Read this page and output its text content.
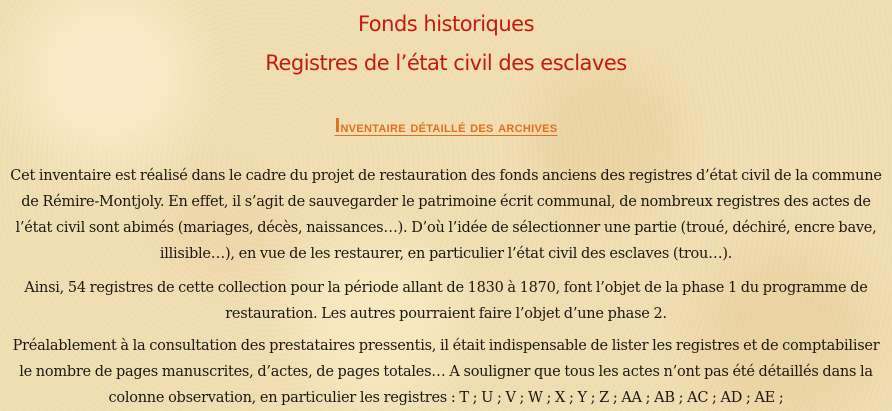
Fonds historiques
Registres de l’état civil des esclaves
Inventaire détaillé des archives
Cet inventaire est réalisé dans le cadre du projet de restauration des fonds anciens des registres d’état civil de la commune de Rémire-Montjoly. En effet, il s’agit de sauvegarder le patrimoine écrit communal, de nombreux registres des actes de l’état civil sont abimés (mariages, décès, naissances…). D’où l’idée de sélectionner une partie (troué, déchiré, encre bave, illisible…), en vue de les restaurer, en particulier l’état civil des esclaves (trou…).
Ainsi, 54 registres de cette collection pour la période allant de 1830 à 1870, font l’objet de la phase 1 du programme de restauration. Les autres pourraient faire l’objet d’une phase 2.
Préalablement à la consultation des prestataires pressentis, il était indispensable de lister les registres et de comptabiliser le nombre de pages manuscrites, d’actes, de pages totales… A souligner que tous les actes n’ont pas été détaillés dans la colonne observation, en particulier les registres : T ; U ; V ; W ; X ; Y ; Z ; AA ; AB ; AC ; AD ; AE ;
